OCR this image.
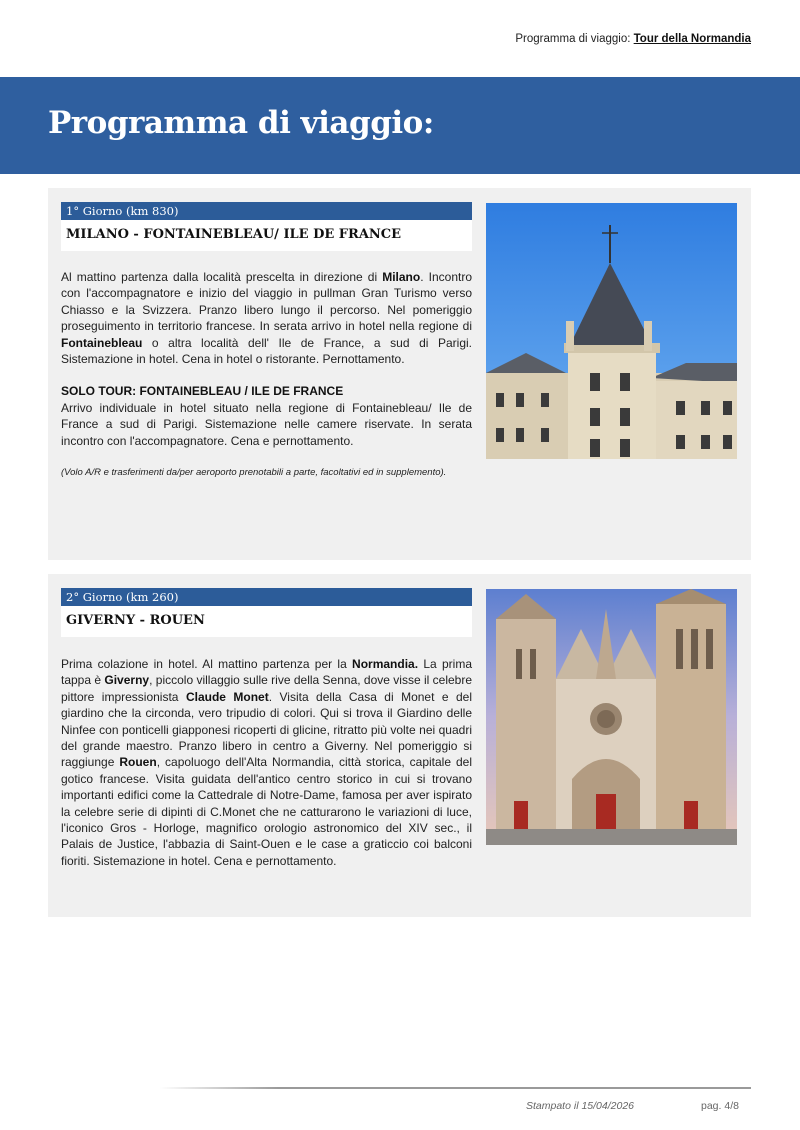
Programma di viaggio: Tour della Normandia
Programma di viaggio:
1° Giorno (km 830)
MILANO - FONTAINEBLEAU/ ILE DE FRANCE

Al mattino partenza dalla località prescelta in direzione di Milano. Incontro con l'accompagnatore e inizio del viaggio in pullman Gran Turismo verso Chiasso e la Svizzera. Pranzo libero lungo il percorso. Nel pomeriggio proseguimento in territorio francese. In serata arrivo in hotel nella regione di Fontainebleau o altra località dell' Ile de France, a sud di Parigi. Sistemazione in hotel. Cena in hotel o ristorante. Pernottamento.

SOLO TOUR: FONTAINEBLEAU / ILE DE FRANCE
Arrivo individuale in hotel situato nella regione di Fontainebleau/ Ile de France a sud di Parigi. Sistemazione nelle camere riservate. In serata incontro con l'accompagnatore. Cena e pernottamento.

(Volo A/R e trasferimenti da/per aeroporto prenotabili a parte, facoltativi ed in supplemento).
2° Giorno (km 260)
GIVERNY - ROUEN

Prima colazione in hotel. Al mattino partenza per la Normandia. La prima tappa è Giverny, piccolo villaggio sulle rive della Senna, dove visse il celebre pittore impressionista Claude Monet. Visita della Casa di Monet e del giardino che la circonda, vero tripudio di colori. Qui si trova il Giardino delle Ninfee con ponticelli giapponesi ricoperti di glicine, ritratto più volte nei quadri del grande maestro. Pranzo libero in centro a Giverny. Nel pomeriggio si raggiunge Rouen, capoluogo dell'Alta Normandia, città storica, capitale del gotico francese. Visita guidata dell'antico centro storico in cui si trovano importanti edifici come la Cattedrale di Notre-Dame, famosa per aver ispirato la celebre serie di dipinti di C.Monet che ne catturarono le variazioni di luce, l'iconico Gros - Horloge, magnifico orologio astronomico del XIV sec., il Palais de Justice, l'abbazia di Saint-Ouen e le case a graticcio coi balconi fioriti. Sistemazione in hotel. Cena e pernottamento.

Stampato il 15/04/2026	pag. 4/8
